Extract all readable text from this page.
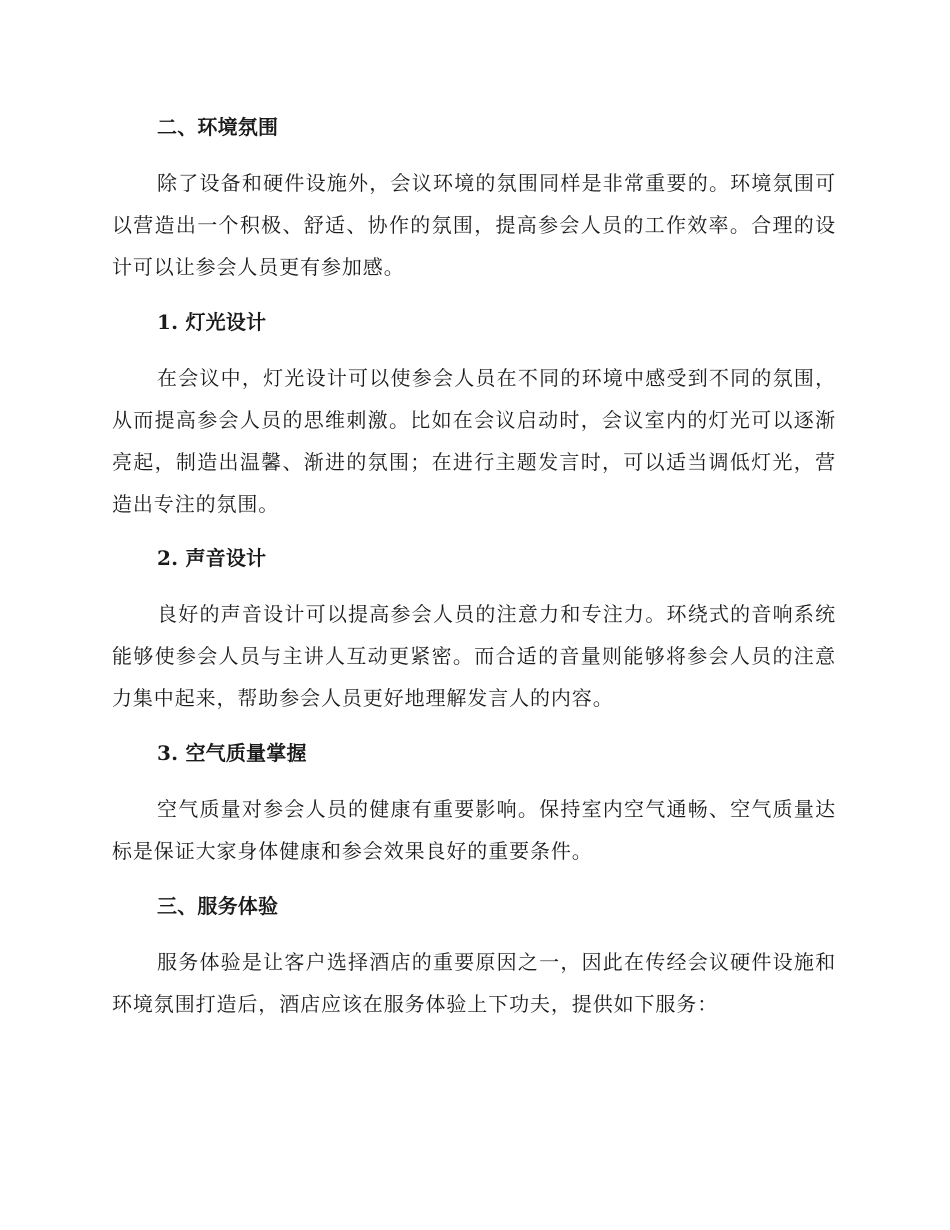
二、环境氛围

除了设备和硬件设施外，会议环境的氛围同样是非常重要的。环境氛围可以营造出一个积极、舒适、协作的氛围，提高参会人员的工作效率。合理的设计可以让参会人员更有参加感。

1. 灯光设计

在会议中，灯光设计可以使参会人员在不同的环境中感受到不同的氛围，从而提高参会人员的思维刺激。比如在会议启动时，会议室内的灯光可以逐渐亮起，制造出温馨、渐进的氛围；在进行主题发言时，可以适当调低灯光，营造出专注的氛围。

2. 声音设计

良好的声音设计可以提高参会人员的注意力和专注力。环绕式的音响系统能够使参会人员与主讲人互动更紧密。而合适的音量则能够将参会人员的注意力集中起来，帮助参会人员更好地理解发言人的内容。

3. 空气质量掌握

空气质量对参会人员的健康有重要影响。保持室内空气通畅、空气质量达标是保证大家身体健康和参会效果良好的重要条件。

三、服务体验

服务体验是让客户选择酒店的重要原因之一，因此在传经会议硬件设施和环境氛围打造后，酒店应该在服务体验上下功夫，提供如下服务：
